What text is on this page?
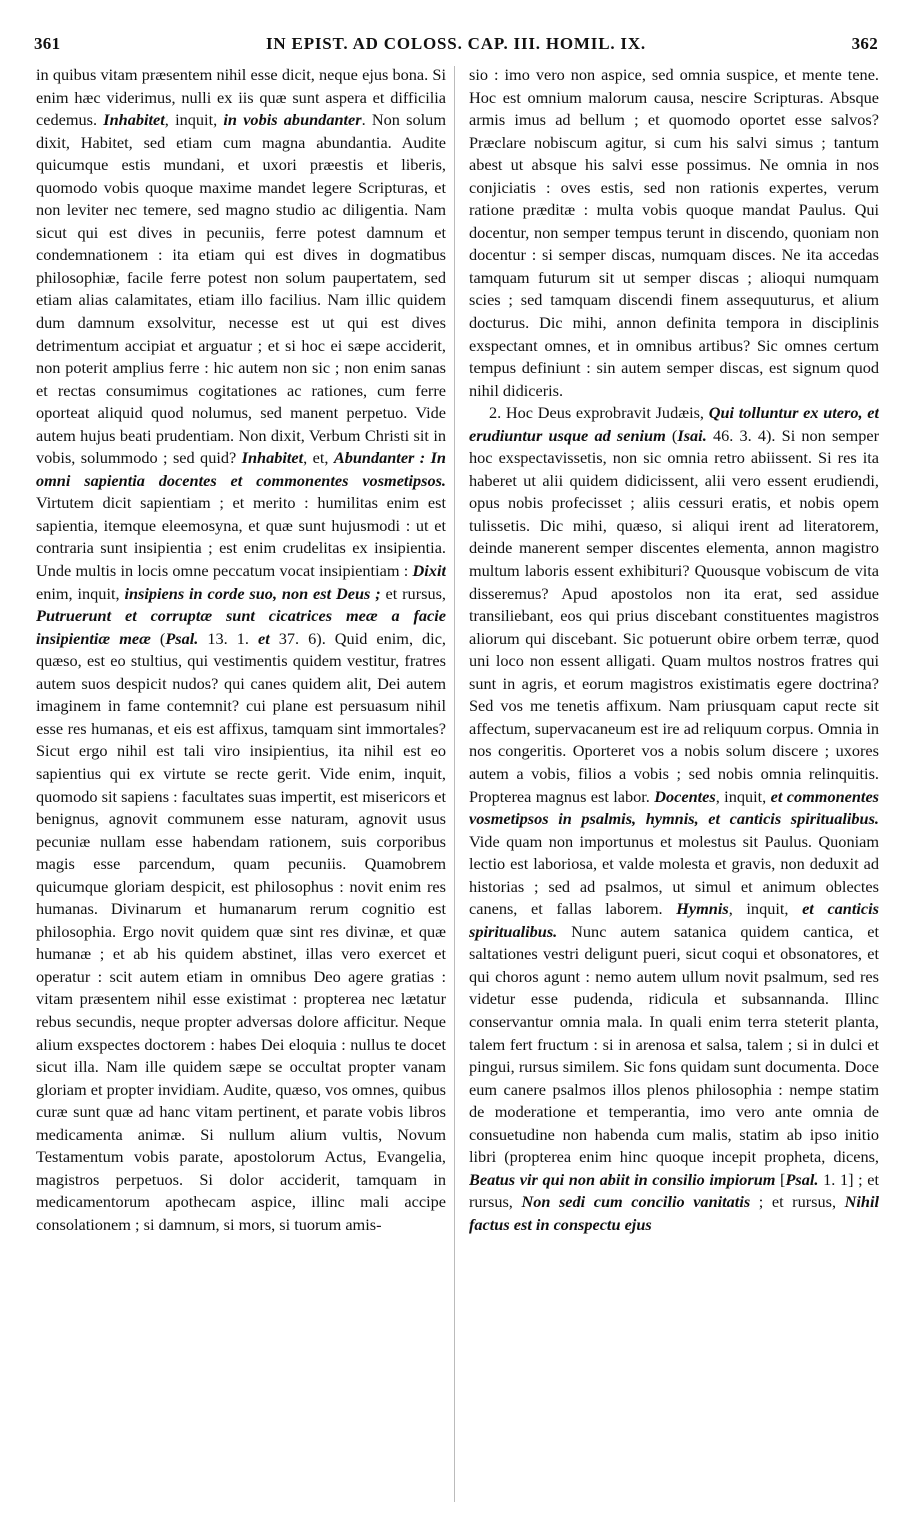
361	IN EPIST. AD COLOSS. CAP. III. HOMIL. IX.	362

in quibus vitam præsentem nihil esse dicit, neque ejus bona. Si enim hæc viderimus, nulli ex iis quæ sunt aspera et difficilia cedemus. Inhabitet, inquit, in vobis abundanter. Non solum dixit, Habitet, sed etiam cum magna abundantia. Audite quicumque estis mundani, et uxori præestis et liberis, quomodo vobis quoque maxime mandet legere Scripturas, et non leviter nec temere, sed magno studio ac diligentia. Nam sicut qui est dives in pecuniis, ferre potest damnum et condemnationem : ita etiam qui est dives in dogmatibus philosophiæ, facile ferre potest non solum paupertatem, sed etiam alias calamitates, etiam illo facilius. Nam illic quidem dum damnum exsolvitur, necesse est ut qui est dives detrimentum accipiat et arguatur ; et si hoc ei sæpe acciderit, non poterit amplius ferre : hic autem non sic ; non enim sanas et rectas consumimus cogitationes ac rationes, cum ferre oporteat aliquid quod nolumus, sed manent perpetuo. Vide autem hujus beati prudentiam. Non dixit, Verbum Christi sit in vobis, solummodo ; sed quid? Inhabitet, et, Abundanter : In omni sapientia docentes et commonentes vosmetipsos. Virtutem dicit sapientiam ; et merito : humilitas enim est sapientia, itemque eleemosyna, et quæ sunt hujusmodi : ut et contraria sunt insipientia ; est enim crudelitas ex insipientia. Unde multis in locis omne peccatum vocat insipientiam : Dixit enim, inquit, insipiens in corde suo, non est Deus ; et rursus, Putruerunt et corruptæ sunt cicatrices meæ a facie insipientiæ meæ (Psal. 13. 1. et 37. 6). Quid enim, dic, quæso, est eo stultius, qui vestimentis quidem vestitur, fratres autem suos despicit nudos? qui canes quidem alit, Dei autem imaginem in fame contemnit? cui plane est persuasum nihil esse res humanas, et eis est affixus, tamquam sint immortales? Sicut ergo nihil est tali viro insipientius, ita nihil est eo sapientius qui ex virtute se recte gerit. Vide enim, inquit, quomodo sit sapiens : facultates suas impertit, est misericors et benignus, agnovit communem esse naturam, agnovit usus pecuniæ nullam esse habendam rationem, suis corporibus magis esse parcendum, quam pecuniis. Quamobrem quicumque gloriam despicit, est philosophus : novit enim res humanas. Divinarum et humanarum rerum cognitio est philosophia. Ergo novit quidem quæ sint res divinæ, et quæ humanæ ; et ab his quidem abstinet, illas vero exercet et operatur : scit autem etiam in omnibus Deo agere gratias : vitam præsentem nihil esse existimat : propterea nec lætatur rebus secundis, neque propter adversas dolore afficitur. Neque alium exspectes doctorem : habes Dei eloquia : nullus te docet sicut illa. Nam ille quidem sæpe se occultat propter vanam gloriam et propter invidiam. Audite, quæso, vos omnes, quibus curæ sunt quæ ad hanc vitam pertinent, et parate vobis libros medicamenta animæ. Si nullum alium vultis, Novum Testamentum vobis parate, apostolorum Actus, Evangelia, magistros perpetuos. Si dolor acciderit, tamquam in medicamentorum apothecam aspice, illinc mali accipe consolationem ; si damnum, si mors, si tuorum amis-

sio : imo vero non aspice, sed omnia suspice, et mente tene. Hoc est omnium malorum causa, nescire Scripturas. Absque armis imus ad bellum ; et quomodo oportet esse salvos? Præclare nobiscum agitur, si cum his salvi simus ; tantum abest ut absque his salvi esse possimus. Ne omnia in nos conjiciatis : oves estis, sed non rationis expertes, verum ratione præditæ : multa vobis quoque mandat Paulus. Qui docentur, non semper tempus terunt in discendo, quoniam non docentur : si semper discas, numquam disces. Ne ita accedas tamquam futurum sit ut semper discas ; alioqui numquam scies ; sed tamquam discendi finem assequuturus, et alium docturus. Dic mihi, annon definita tempora in disciplinis exspectant omnes, et in omnibus artibus? Sic omnes certum tempus definiunt : sin autem semper discas, est signum quod nihil didiceris.

2. Hoc Deus exprobravit Judæis, Qui tolluntur ex utero, et erudiuntur usque ad senium (Isai. 46. 3. 4). Si non semper hoc exspectavissetis, non sic omnia retro abiissent. Si res ita haberet ut alii quidem didicissent, alii vero essent erudiendi, opus nobis profecisset ; aliis cessuri eratis, et nobis opem tulissetis. Dic mihi, quæso, si aliqui irent ad literatorem, deinde manerent semper discentes elementa, annon magistro multum laboris essent exhibituri? Quousque vobiscum de vita disseremus? Apud apostolos non ita erat, sed assidue transiliebant, eos qui prius discebant constituentes magistros aliorum qui discebant. Sic potuerunt obire orbem terræ, quod uni loco non essent alligati. Quam multos nostros fratres qui sunt in agris, et eorum magistros existimatis egere doctrina? Sed vos me tenetis affixum. Nam priusquam caput recte sit affectum, supervacaneum est ire ad reliquum corpus. Omnia in nos congeritis. Oporteret vos a nobis solum discere ; uxores autem a vobis, filios a vobis ; sed nobis omnia relinquitis. Propterea magnus est labor. Docentes, inquit, et commonentes vosmetipsos in psalmis, hymnis, et canticis spiritualibus. Vide quam non importunus et molestus sit Paulus. Quoniam lectio est laboriosa, et valde molesta et gravis, non deduxit ad historias ; sed ad psalmos, ut simul et animum oblectes canens, et fallas laborem. Hymnis, inquit, et canticis spiritualibus. Nunc autem satanica quidem cantica, et saltationes vestri deligunt pueri, sicut coqui et obsonatores, et qui choros agunt : nemo autem ullum novit psalmum, sed res videtur esse pudenda, ridicula et subsannanda. Illinc conservantur omnia mala. In quali enim terra steterit planta, talem fert fructum : si in arenosa et salsa, talem ; si in dulci et pingui, rursus similem. Sic fons quidam sunt documenta. Doce eum canere psalmos illos plenos philosophia : nempe statim de moderatione et temperantia, imo vero ante omnia de consuetudine non habenda cum malis, statim ab ipso initio libri (propterea enim hinc quoque incepit propheta, dicens, Beatus vir qui non abiit in consilio impiorum [Psal. 1. 1] ; et rursus, Non sedi cum concilio vanitatis ; et rursus, Nihil factus est in conspectu ejus
